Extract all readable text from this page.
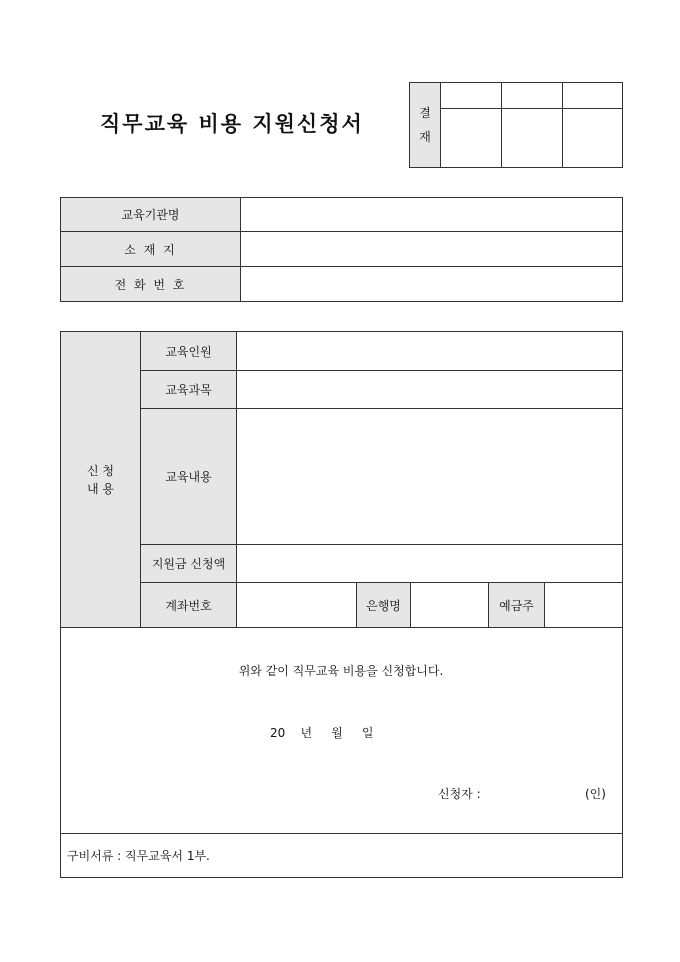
직무교육 비용 지원신청서	결
재			

교육기관명	
소 재 지	
전 화 번 호	
신 청
내 용	교육인원					
	교육과목					
	교육내용					
	지원금 신청액					
	계좌번호		은행명		예금주	

구비서류 : 직무교육서 1부.						
위와 같이 직무교육 비용을 신청합니다.
20    년     월     일
신청자 :	(인)
